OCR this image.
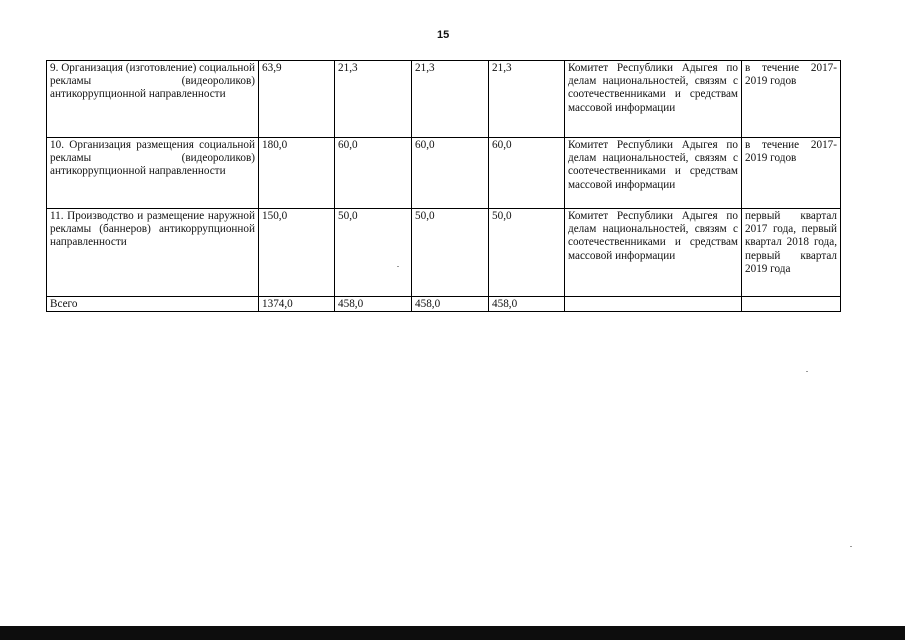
15
9. Организация (изготовление) социальной рекламы (видеороликов) антикоррупционной направленности	63,9	21,3	21,3	21,3	Комитет Республики Адыгея по делам национальностей, связям с соотечественниками и средствам массовой информации	в течение 2017-2019 годов
10. Организация размещения социальной рекламы (видеороликов) антикоррупционной направленности	180,0	60,0	60,0	60,0	Комитет Республики Адыгея по делам национальностей, связям с соотечественниками и средствам массовой информации	в течение 2017-2019 годов
11. Производство и размещение наружной рекламы (баннеров) антикоррупционной направленности	150,0	50,0	50,0	50,0	Комитет Республики Адыгея по делам национальностей, связям с соотечественниками и средствам массовой информации	первый квартал 2017 года, первый квартал 2018 года, первый квартал 2019 года
Всего	1374,0	458,0	458,0	458,0		
